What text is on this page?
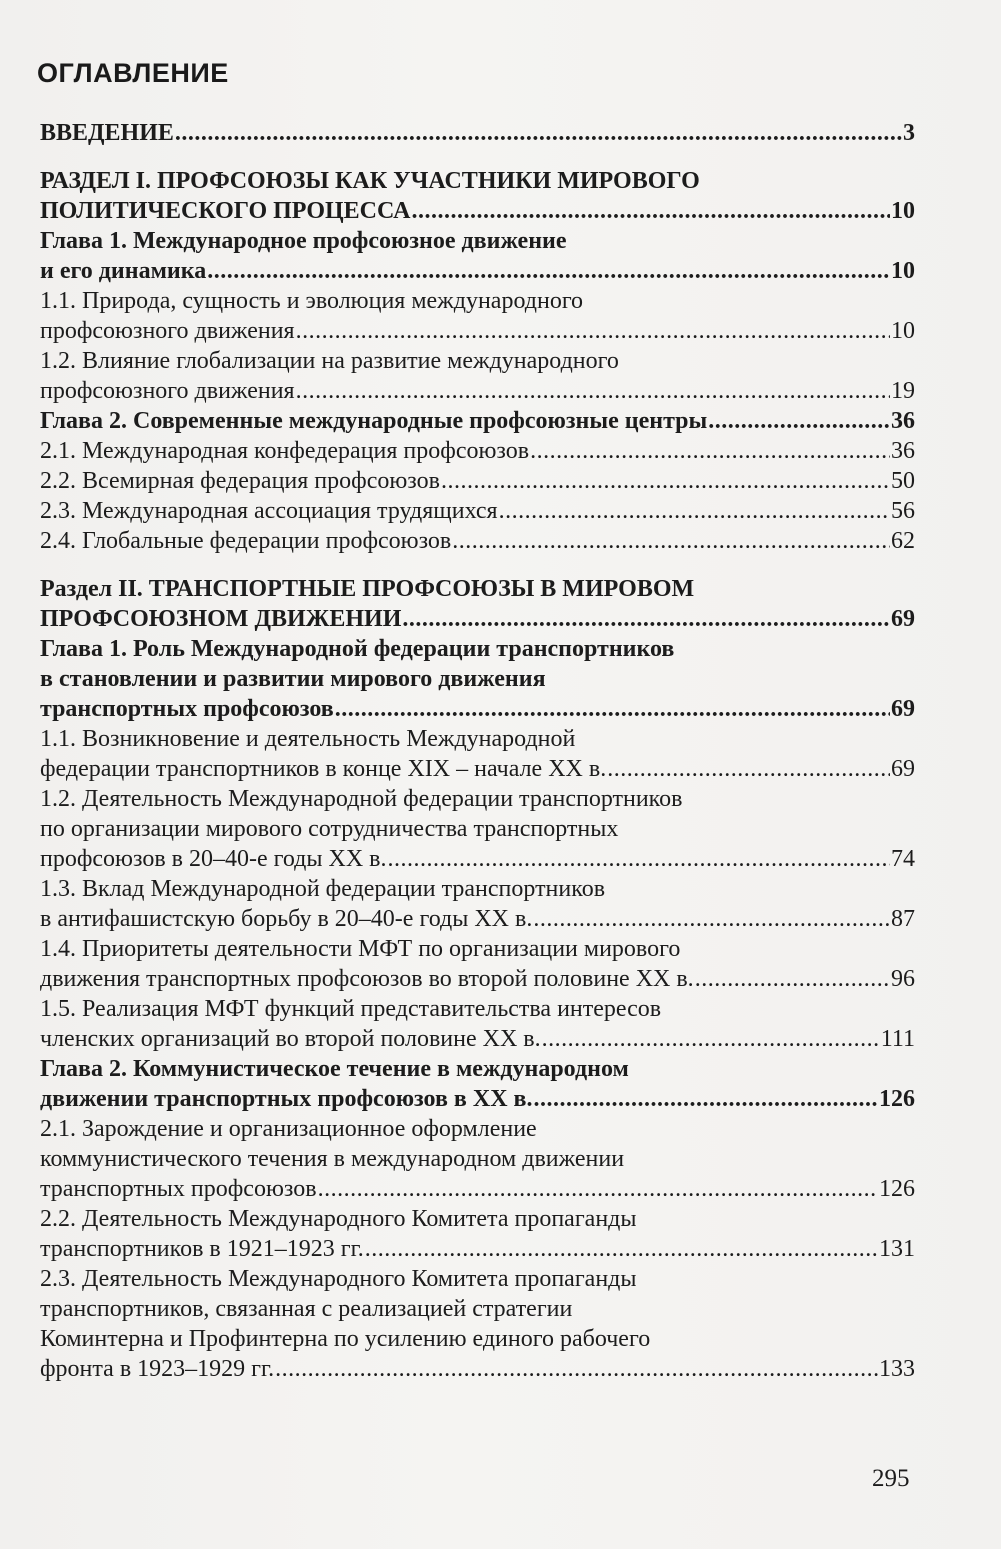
ОГЛАВЛЕНИЕ
ВВЕДЕНИЕ .....	3
РАЗДЕЛ I. ПРОФСОЮЗЫ КАК УЧАСТНИКИ МИРОВОГО
ПОЛИТИЧЕСКОГО ПРОЦЕССА .....	10
Глава 1. Международное профсоюзное движение
и его динамика .....	10
1.1. Природа, сущность и эволюция международного
профсоюзного движения .....	10
1.2. Влияние глобализации на развитие международного
профсоюзного движения .....	19
Глава 2. Современные международные профсоюзные центры .....	36
2.1. Международная конфедерация профсоюзов .....	36
2.2. Всемирная федерация профсоюзов .....	50
2.3. Международная ассоциация трудящихся .....	56
2.4. Глобальные федерации профсоюзов .....	62
Раздел II. ТРАНСПОРТНЫЕ ПРОФСОЮЗЫ В МИРОВОМ
ПРОФСОЮЗНОМ ДВИЖЕНИИ .....	69
Глава 1. Роль Международной федерации транспортников
в становлении и развитии мирового движения
транспортных профсоюзов .....	69
1.1. Возникновение и деятельность Международной
федерации транспортников в конце XIX – начале XX в. .....	69
1.2. Деятельность Международной федерации транспортников
по организации мирового сотрудничества транспортных
профсоюзов в 20–40-е годы XX в. .....	74
1.3. Вклад Международной федерации транспортников
в антифашистскую борьбу в 20–40-е годы XX в. .....	87
1.4. Приоритеты деятельности МФТ по организации мирового
движения транспортных профсоюзов во второй половине XX в. .....	96
1.5. Реализация МФТ функций представительства интересов
членских организаций во второй половине XX в. .....	111
Глава 2. Коммунистическое течение в международном
движении транспортных профсоюзов в XX в. .....	126
2.1. Зарождение и организационное оформление
коммунистического течения в международном движении
транспортных профсоюзов .....	126
2.2. Деятельность Международного Комитета пропаганды
транспортников в 1921–1923 гг. .....	131
2.3. Деятельность Международного Комитета пропаганды
транспортников, связанная с реализацией стратегии
Коминтерна и Профинтерна по усилению единого рабочего
фронта в 1923–1929 гг. .....	133
295
